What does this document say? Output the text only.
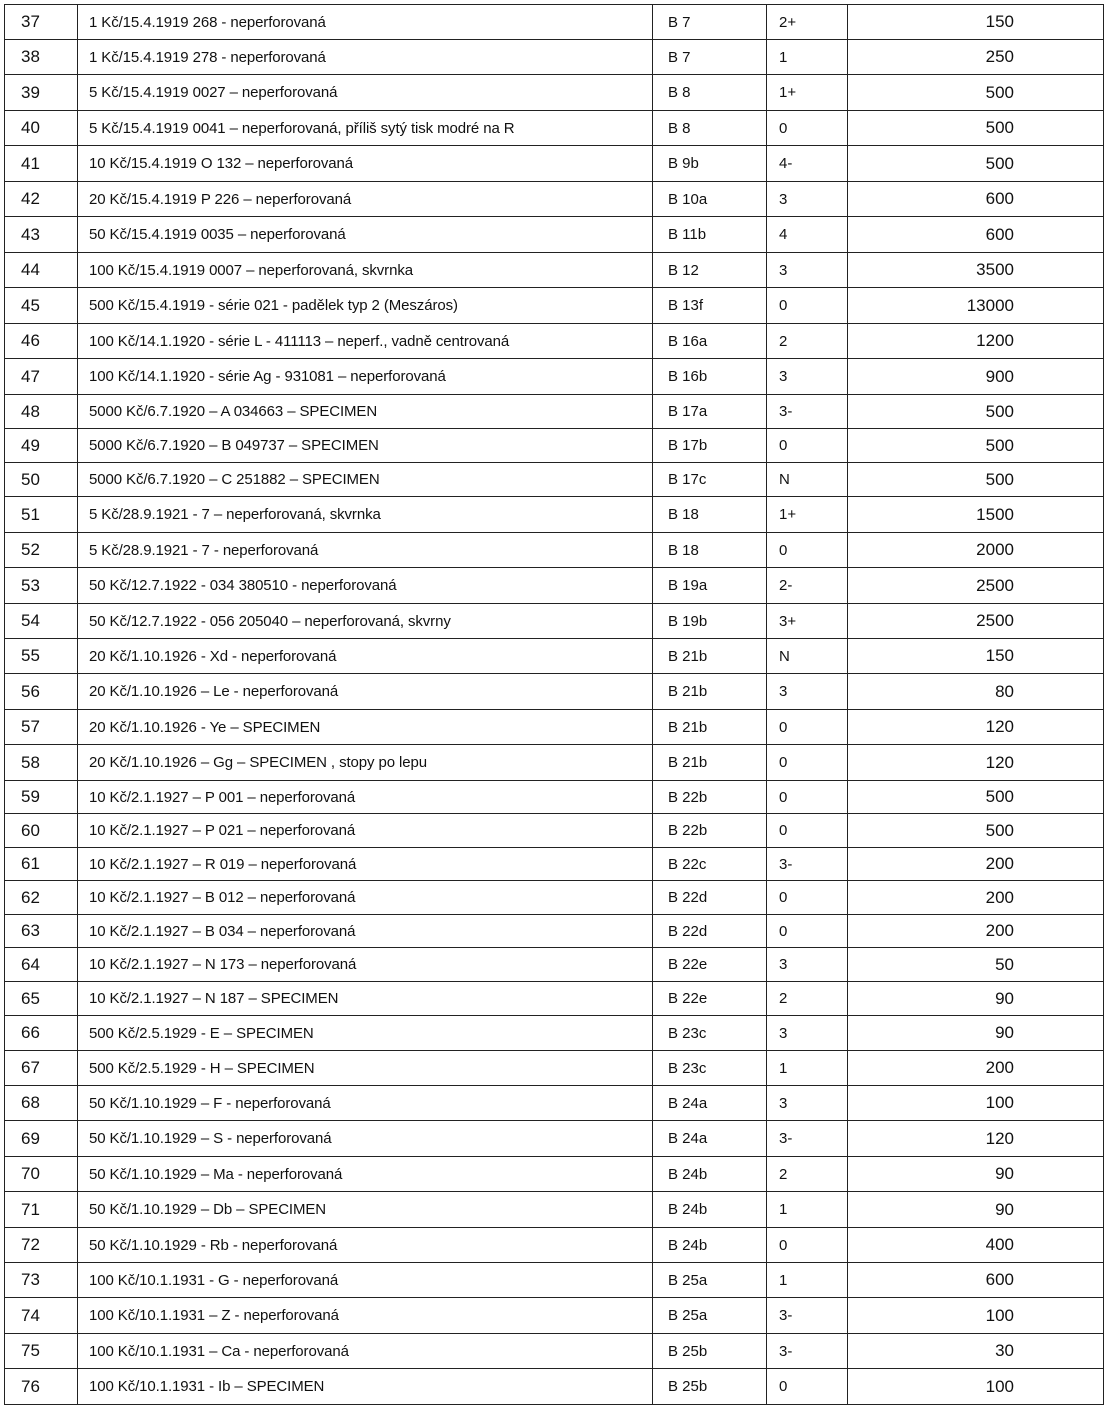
37	1 Kč/15.4.1919 268 - neperforovaná	B 7	2+	150
38	1 Kč/15.4.1919 278 - neperforovaná	B 7	1	250
39	5 Kč/15.4.1919 0027 – neperforovaná	B 8	1+	500
40	5 Kč/15.4.1919 0041 – neperforovaná, příliš sytý tisk modré na R	B 8	0	500
41	10 Kč/15.4.1919 O 132 – neperforovaná	B 9b	4-	500
42	20 Kč/15.4.1919 P 226 – neperforovaná	B 10a	3	600
43	50 Kč/15.4.1919 0035 – neperforovaná	B 11b	4	600
44	100 Kč/15.4.1919 0007 – neperforovaná, skvrnka	B 12	3	3500
45	500 Kč/15.4.1919 - série 021 - padělek typ 2 (Meszáros)	B 13f	0	13000
46	100 Kč/14.1.1920 - série L - 411113 – neperf., vadně centrovaná	B 16a	2	1200
47	100 Kč/14.1.1920 - série Ag - 931081 – neperforovaná	B 16b	3	900
48	5000 Kč/6.7.1920 – A 034663 – SPECIMEN	B 17a	3-	500
49	5000 Kč/6.7.1920 – B 049737 – SPECIMEN	B 17b	0	500
50	5000 Kč/6.7.1920 – C 251882 – SPECIMEN	B 17c	N	500
51	5 Kč/28.9.1921 - 7 – neperforovaná, skvrnka	B 18	1+	1500
52	5 Kč/28.9.1921 - 7 - neperforovaná	B 18	0	2000
53	50 Kč/12.7.1922 - 034 380510 - neperforovaná	B 19a	2-	2500
54	50 Kč/12.7.1922 - 056 205040 – neperforovaná, skvrny	B 19b	3+	2500
55	20 Kč/1.10.1926 - Xd - neperforovaná	B 21b	N	150
56	20 Kč/1.10.1926 – Le - neperforovaná	B 21b	3	80
57	20 Kč/1.10.1926 - Ye – SPECIMEN	B 21b	0	120
58	20 Kč/1.10.1926 – Gg – SPECIMEN , stopy po lepu	B 21b	0	120
59	10 Kč/2.1.1927 – P 001 – neperforovaná	B 22b	0	500
60	10 Kč/2.1.1927 – P 021 – neperforovaná	B 22b	0	500
61	10 Kč/2.1.1927 – R 019 – neperforovaná	B 22c	3-	200
62	10 Kč/2.1.1927 – B 012 – neperforovaná	B 22d	0	200
63	10 Kč/2.1.1927 – B 034 – neperforovaná	B 22d	0	200
64	10 Kč/2.1.1927 – N 173 – neperforovaná	B 22e	3	50
65	10 Kč/2.1.1927 – N 187 – SPECIMEN	B 22e	2	90
66	500 Kč/2.5.1929 - E – SPECIMEN	B 23c	3	90
67	500 Kč/2.5.1929 - H – SPECIMEN	B 23c	1	200
68	50 Kč/1.10.1929 – F - neperforovaná	B 24a	3	100
69	50 Kč/1.10.1929 – S - neperforovaná	B 24a	3-	120
70	50 Kč/1.10.1929 – Ma - neperforovaná	B 24b	2	90
71	50 Kč/1.10.1929 – Db – SPECIMEN	B 24b	1	90
72	50 Kč/1.10.1929 - Rb - neperforovaná	B 24b	0	400
73	100 Kč/10.1.1931 - G - neperforovaná	B 25a	1	600
74	100 Kč/10.1.1931 – Z - neperforovaná	B 25a	3-	100
75	100 Kč/10.1.1931 – Ca - neperforovaná	B 25b	3-	30
76	100 Kč/10.1.1931 - Ib – SPECIMEN	B 25b	0	100
